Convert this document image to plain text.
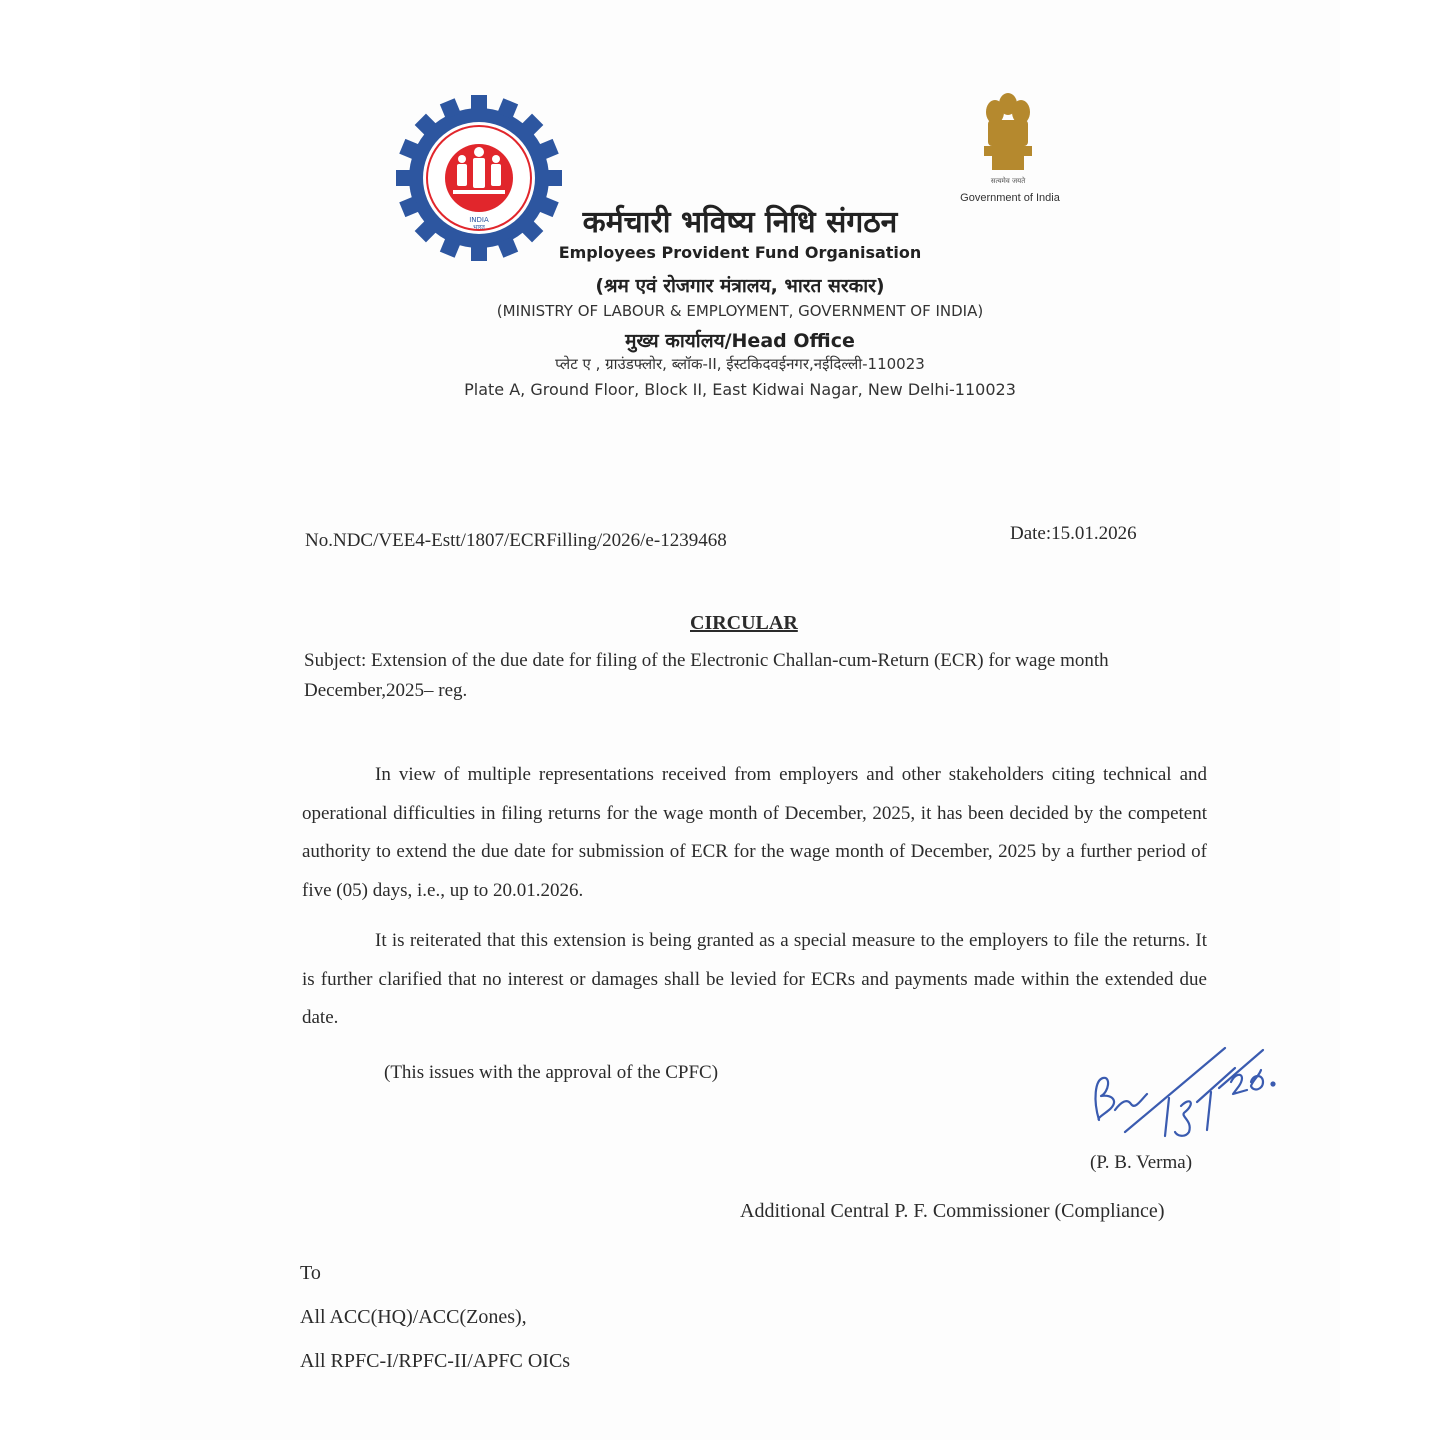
INDIA
भारत
सत्यमेव जयते
Government of India
कर्मचारी भविष्य निधि संगठन
Employees Provident Fund Organisation
(श्रम एवं रोजगार मंत्रालय, भारत सरकार)
(MINISTRY OF LABOUR & EMPLOYMENT, GOVERNMENT OF INDIA)
मुख्य कार्यालय/Head Office
प्लेट ए , ग्राउंडफ्लोर, ब्लॉक-II, ईस्टकिदवईनगर,नईदिल्ली-110023
Plate A, Ground Floor, Block II, East Kidwai Nagar, New Delhi-110023
No.NDC/VEE4-Estt/1807/ECRFilling/2026/e-1239468	Date:15.01.2026
CIRCULAR
Subject: Extension of the due date for filing of the Electronic Challan-cum-Return (ECR) for wage month December,2025– reg.
In view of multiple representations received from employers and other stakeholders citing technical and operational difficulties in filing returns for the wage month of December, 2025, it has been decided by the competent authority to extend the due date for submission of ECR for the wage month of December, 2025 by a further period of five (05) days, i.e., up to 20.01.2026.
It is reiterated that this extension is being granted as a special measure to the employers to file the returns. It is further clarified that no interest or damages shall be levied for ECRs and payments made within the extended due date.
(This issues with the approval of the CPFC)
(P. B. Verma)
Additional Central P. F. Commissioner (Compliance)
To
All ACC(HQ)/ACC(Zones),
All RPFC-I/RPFC-II/APFC OICs
